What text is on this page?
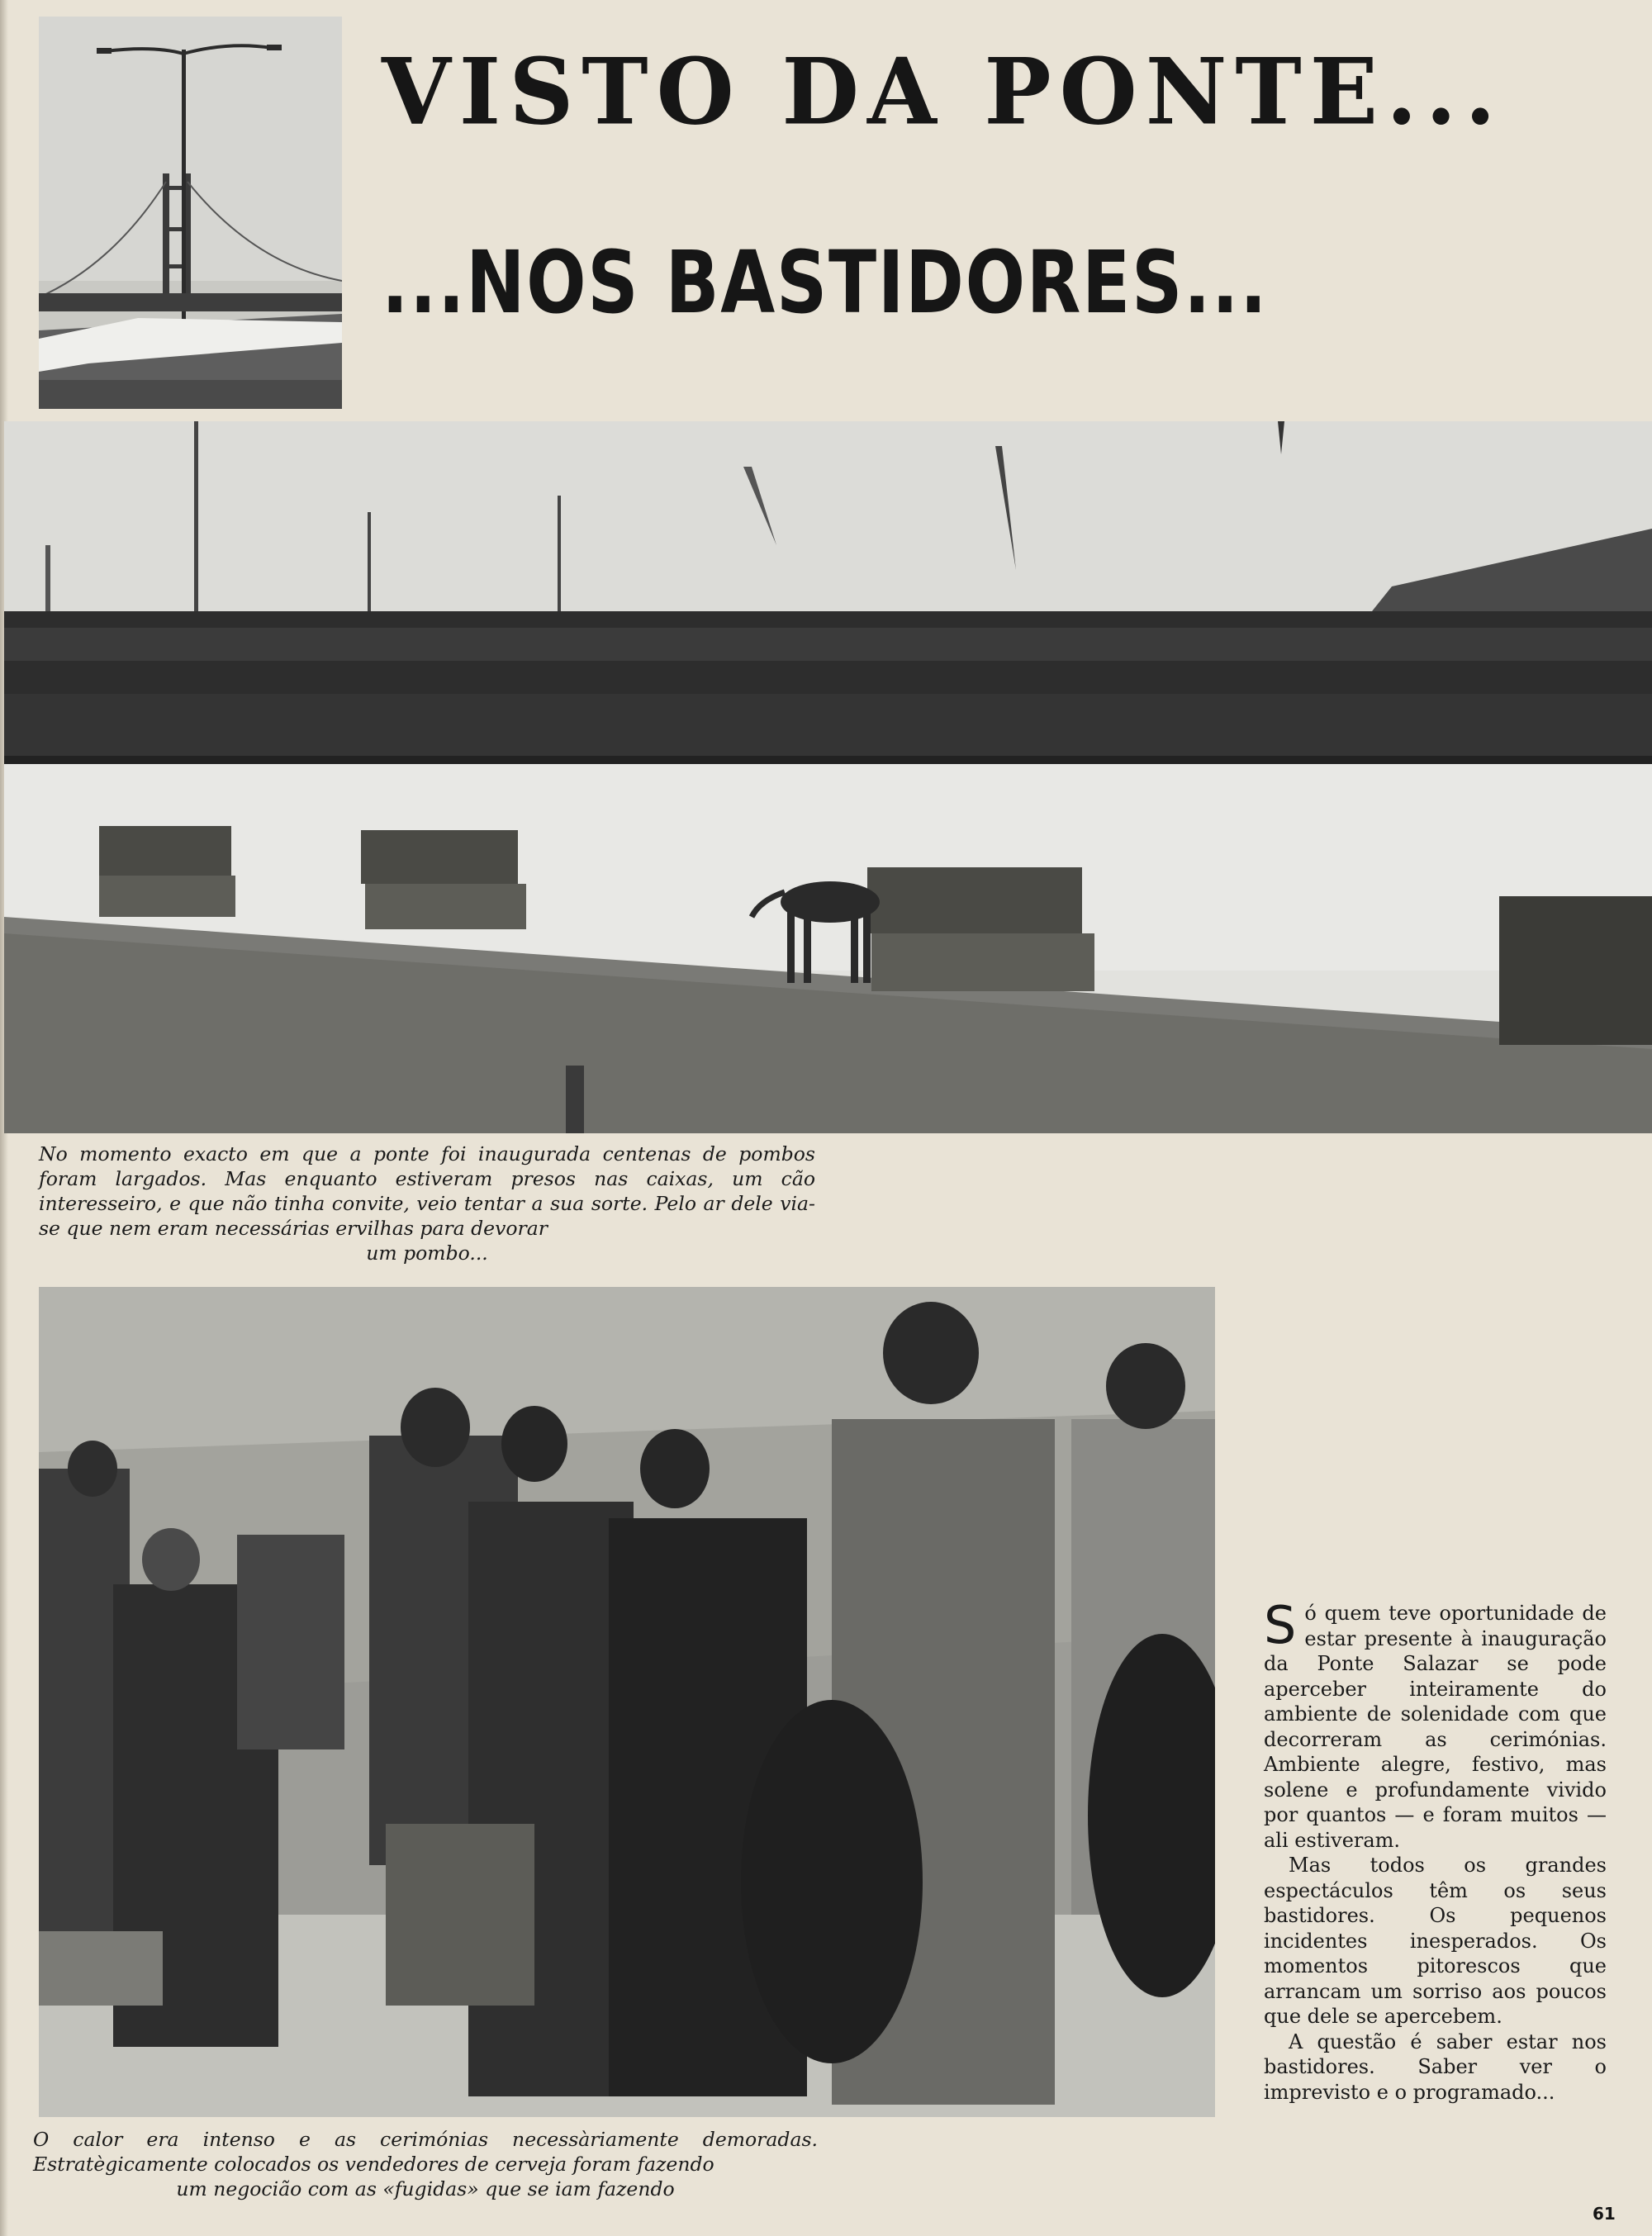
VISTO DA PONTE...
...NOS BASTIDORES...
No momento exacto em que a ponte foi inaugurada centenas de pombos foram largados. Mas enquanto estiveram presos nas caixas, um cão interesseiro, e que não tinha convite, veio tentar a sua sorte. Pelo ar dele via-se que nem eram necessárias ervilhas para devorar
um pombo...
O calor era intenso e as cerimónias necessàriamente demoradas. Estratègicamente colocados os vendedores de cerveja foram fazendo
um negocião com as «fugidas» que se iam fazendo

Só quem teve oportunidade de estar presente à inauguração da Ponte Salazar se pode aperceber inteiramente do ambiente de solenidade com que decorreram as cerimónias. Ambiente alegre, festivo, mas solene e profundamente vivido por quantos — e foram muitos — ali estiveram.

Mas todos os grandes espectáculos têm os seus bastidores. Os pequenos incidentes inesperados. Os momentos pitorescos que arrancam um sorriso aos poucos que dele se apercebem.

A questão é saber estar nos bastidores. Saber ver o imprevisto e o programado...

61
